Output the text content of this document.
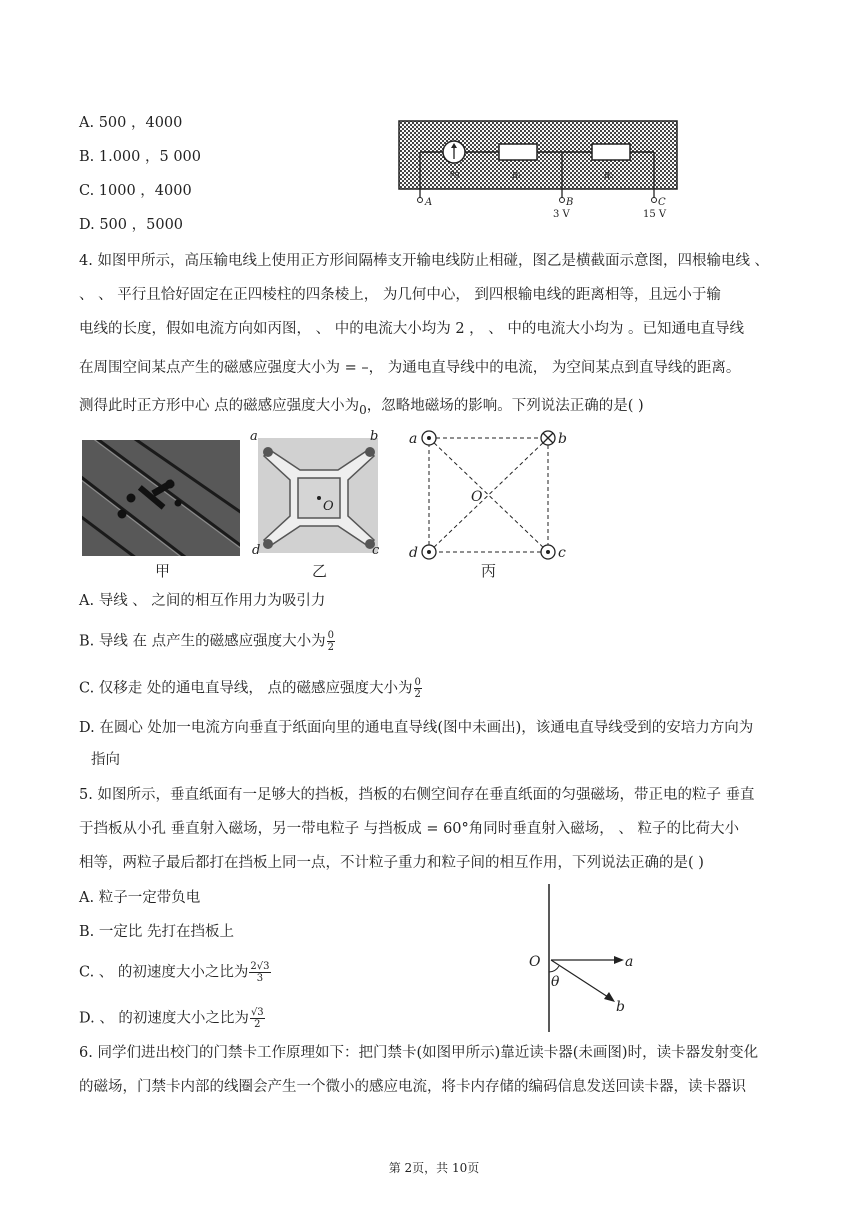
A. 500 ，4000
B. 1.000 ，5 000
C. 1000 ，4000
D. 500 ，5000
Rg	R₁	R₂
A	B	C
3 V	15 V
4. 如图甲所示，高压输电线上使用正方形间隔棒支开输电线防止相碰，图乙是横截面示意图，四根输电线 、
、 、 平行且恰好固定在正四棱柱的四条棱上， 为几何中心， 到四根输电线的距离相等，且远小于输
电线的长度，假如电流方向如丙图， 、 中的电流大小均为 2 ， 、 中的电流大小均为 。已知通电直导线
在周围空间某点产生的磁感应强度大小为 = –， 为通电直导线中的电流， 为空间某点到直导线的距离。
测得此时正方形中心 点的磁感应强度大小为$_0$，忽略地磁场的影响。下列说法正确的是( )
甲
a	b
c
d
O
乙
a	b
c
d
O
丙
A. 导线 、 之间的相互作用力为吸引力
B. 导线 在 点产生的磁感应强度大小为 $\frac{0}{2}$
C. 仅移走 处的通电直导线， 点的磁感应强度大小为 $\frac{0}{2}$
D. 在圆心 处加一电流方向垂直于纸面向里的通电直导线(图中未画出)，该通电直导线受到的安培力方向为
指向
5. 如图所示，垂直纸面有一足够大的挡板，挡板的右侧空间存在垂直纸面的匀强磁场，带正电的粒子 垂直
于挡板从小孔 垂直射入磁场，另一带电粒子 与挡板成 = 60°角同时垂直射入磁场， 、 粒子的比荷大小
相等，两粒子最后都打在挡板上同一点，不计粒子重力和粒子间的相互作用，下列说法正确的是( )
A. 粒子一定带负电
B. 一定比 先打在挡板上
C. 、 的初速度大小之比为 $\frac{2√3}{3}$
D. 、 的初速度大小之比为 $\frac{√3}{2}$
O	a
b
θ
6. 同学们进出校门的门禁卡工作原理如下：把门禁卡(如图甲所示)靠近读卡器(未画图)时，读卡器发射变化
的磁场，门禁卡内部的线圈会产生一个微小的感应电流，将卡内存储的编码信息发送回读卡器，读卡器识
第 2页，共 10页
